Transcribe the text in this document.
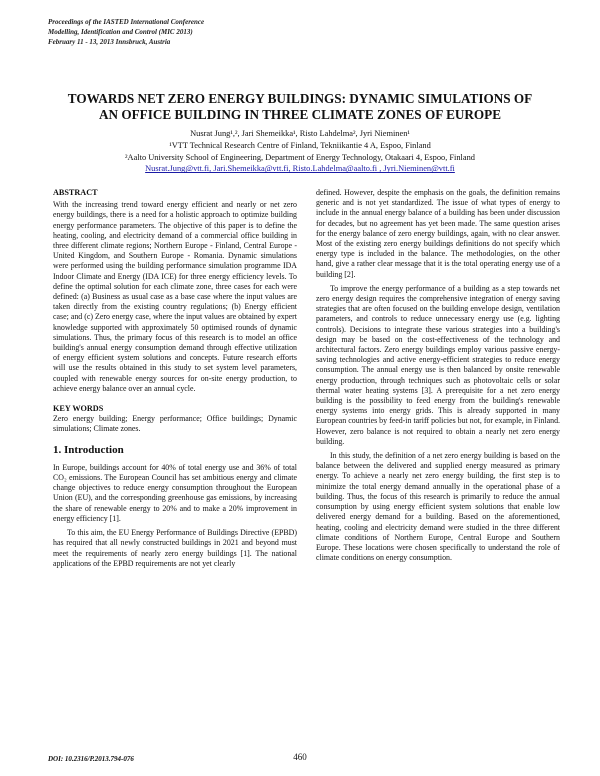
Proceedings of the IASTED International Conference
Modelling, Identification and Control (MIC 2013)
February 11 - 13, 2013 Innsbruck, Austria
TOWARDS NET ZERO ENERGY BUILDINGS: DYNAMIC SIMULATIONS OF
AN OFFICE BUILDING IN THREE CLIMATE ZONES OF EUROPE
Nusrat Jung¹,², Jari Shemeikka¹, Risto Lahdelma², Jyri Nieminen¹
¹VTT Technical Research Centre of Finland, Tekniikantie 4 A, Espoo, Finland
²Aalto University School of Engineering, Department of Energy Technology, Otakaari 4, Espoo, Finland
Nusrat.Jung@vtt.fi, Jari.Shemeikka@vtt.fi, Risto.Lahdelma@aalto.fi , Jyri.Nieminen@vtt.fi
ABSTRACT

With the increasing trend toward energy efficient and nearly or net zero energy buildings, there is a need for a holistic approach to optimize building energy performance parameters. The objective of this paper is to define the heating, cooling, and electricity demand of a commercial office building in three different climate regions; Northern Europe - Finland, Central Europe - United Kingdom, and Southern Europe - Romania. Dynamic simulations were performed using the building performance simulation programme IDA Indoor Climate and Energy (IDA ICE) for three energy efficiency levels. To define the optimal solution for each climate zone, three cases for each were defined: (a) Business as usual case as a base case where the input values are taken directly from the existing country regulations; (b) Energy efficient case; and (c) Zero energy case, where the input values are obtained by expert knowledge supported with approximately 50 optimised rounds of dynamic simulations. Thus, the primary focus of this research is to model an office building's annual energy consumption demand through effective utilization of energy efficient system solutions and concepts. Future research efforts will use the results obtained in this study to set system level parameters, coupled with renewable energy sources for on-site energy production, to achieve energy balance over an annual cycle.

KEY WORDS

Zero energy building; Energy performance; Office buildings; Dynamic simulations; Climate zones.

1. Introduction

In Europe, buildings account for 40% of total energy use and 36% of total CO₂ emissions. The European Council has set ambitious energy and climate change objectives to reduce energy consumption throughout the European Union (EU), and the corresponding greenhouse gas emissions, by increasing the share of renewable energy to 20% and to make a 20% improvement in energy efficiency [1].

To this aim, the EU Energy Performance of Buildings Directive (EPBD) has required that all newly constructed buildings in 2021 and beyond must meet the requirements of nearly zero energy buildings [1]. The national applications of the EPBD requirements are not yet clearly

defined. However, despite the emphasis on the goals, the definition remains generic and is not yet standardized. The issue of what types of energy to include in the annual energy balance of a building has been under discussion for decades, but no agreement has yet been made. The same question arises for the energy balance of zero energy buildings, again, with no clear answer. Most of the existing zero energy buildings definitions do not specify which energy type is included in the balance. The methodologies, on the other hand, give a rather clear message that it is the total operating energy use of a building [2].

To improve the energy performance of a building as a step towards net zero energy design requires the comprehensive integration of energy saving strategies that are often focused on the building envelope design, ventilation parameters, and controls to reduce unnecessary energy use (e.g. lighting controls). Decisions to integrate these various strategies into a building's design may be based on the cost-effectiveness of the technology and architectural factors. Zero energy buildings employ various passive energy-saving technologies and active energy-efficient strategies to reduce energy consumption. The annual energy use is then balanced by onsite renewable energy production, through techniques such as photovoltaic cells or solar thermal water heating systems [3]. A prerequisite for a net zero energy building is the possibility to feed energy from the building's renewable energy systems into energy grids. This is already supported in many European countries by feed-in tariff policies but not, for example, in Finland. However, zero balance is not required to obtain a nearly net zero energy building.

In this study, the definition of a net zero energy building is based on the balance between the delivered and supplied energy measured as primary energy. To achieve a nearly net zero energy building, the first step is to minimize the total energy demand annually in the operational phase of a building. Thus, the focus of this research is primarily to reduce the annual consumption by using energy efficient system solutions that enable low delivered energy demand for a building. Based on the aforementioned, heating, cooling and electricity demand were studied in the three different climate conditions of Northern Europe, Central Europe and Southern Europe. These locations were chosen specifically to understand the role of climate conditions on energy consumption.

DOI: 10.2316/P.2013.794-076	460
